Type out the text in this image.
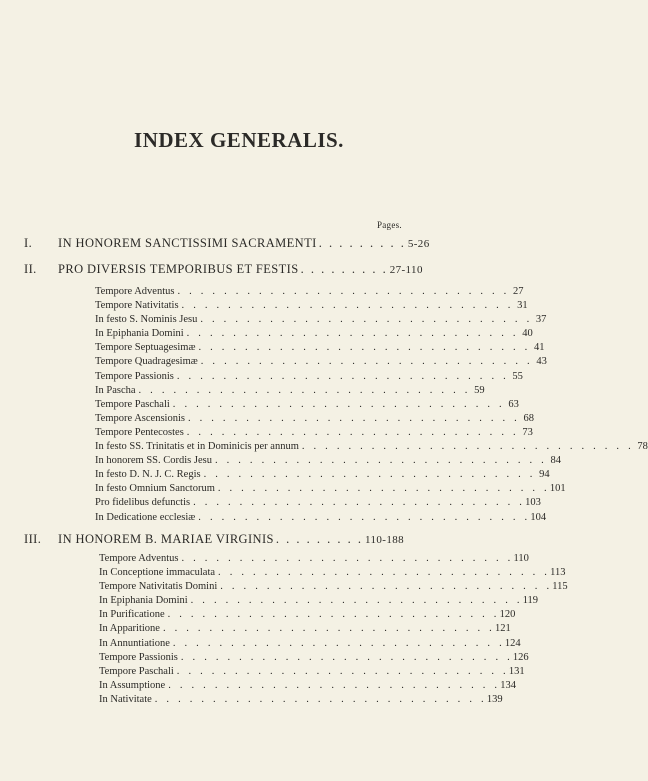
INDEX GENERALIS.
Pages.
I.	IN HONOREM SANCTISSIMI SACRAMENTI . . . . . . . . . 5-26
II.	PRO DIVERSIS TEMPORIBUS ET FESTIS . . . . . . . . . 27-110
Tempore Adventus . . . . . . . . . . . . . . . . . . . . . . . . . . . . . 27
Tempore Nativitatis . . . . . . . . . . . . . . . . . . . . . . . . . . . . . 31
In festo S. Nominis Jesu . . . . . . . . . . . . . . . . . . . . . . . . . . . . . 37
In Epiphania Domini . . . . . . . . . . . . . . . . . . . . . . . . . . . . . 40
Tempore Septuagesimæ . . . . . . . . . . . . . . . . . . . . . . . . . . . . . 41
Tempore Quadragesimæ . . . . . . . . . . . . . . . . . . . . . . . . . . . . . 43
Tempore Passionis . . . . . . . . . . . . . . . . . . . . . . . . . . . . . 55
In Pascha . . . . . . . . . . . . . . . . . . . . . . . . . . . . . 59
Tempore Paschali . . . . . . . . . . . . . . . . . . . . . . . . . . . . . 63
Tempore Ascensionis . . . . . . . . . . . . . . . . . . . . . . . . . . . . . 68
Tempore Pentecostes . . . . . . . . . . . . . . . . . . . . . . . . . . . . . 73
In festo SS. Trinitatis et in Dominicis per annum . . . . . . . . . . . . . . . . . . . . . . . . . . . . . 78
In honorem SS. Cordis Jesu . . . . . . . . . . . . . . . . . . . . . . . . . . . . . 84
In festo D. N. J. C. Regis . . . . . . . . . . . . . . . . . . . . . . . . . . . . . 94
In festo Omnium Sanctorum . . . . . . . . . . . . . . . . . . . . . . . . . . . . . 101
Pro fidelibus defunctis . . . . . . . . . . . . . . . . . . . . . . . . . . . . . 103
In Dedicatione ecclesiæ . . . . . . . . . . . . . . . . . . . . . . . . . . . . . 104
III.	IN HONOREM B. MARIAE VIRGINIS . . . . . . . . . 110-188
Tempore Adventus . . . . . . . . . . . . . . . . . . . . . . . . . . . . . 110
In Conceptione immaculata . . . . . . . . . . . . . . . . . . . . . . . . . . . . . 113
Tempore Nativitatis Domini . . . . . . . . . . . . . . . . . . . . . . . . . . . . . 115
In Epiphania Domini . . . . . . . . . . . . . . . . . . . . . . . . . . . . . 119
In Purificatione . . . . . . . . . . . . . . . . . . . . . . . . . . . . . 120
In Apparitione . . . . . . . . . . . . . . . . . . . . . . . . . . . . . 121
In Annuntiatione . . . . . . . . . . . . . . . . . . . . . . . . . . . . . 124
Tempore Passionis . . . . . . . . . . . . . . . . . . . . . . . . . . . . . 126
Tempore Paschali . . . . . . . . . . . . . . . . . . . . . . . . . . . . . 131
In Assumptione . . . . . . . . . . . . . . . . . . . . . . . . . . . . . 134
In Nativitate . . . . . . . . . . . . . . . . . . . . . . . . . . . . . 139
